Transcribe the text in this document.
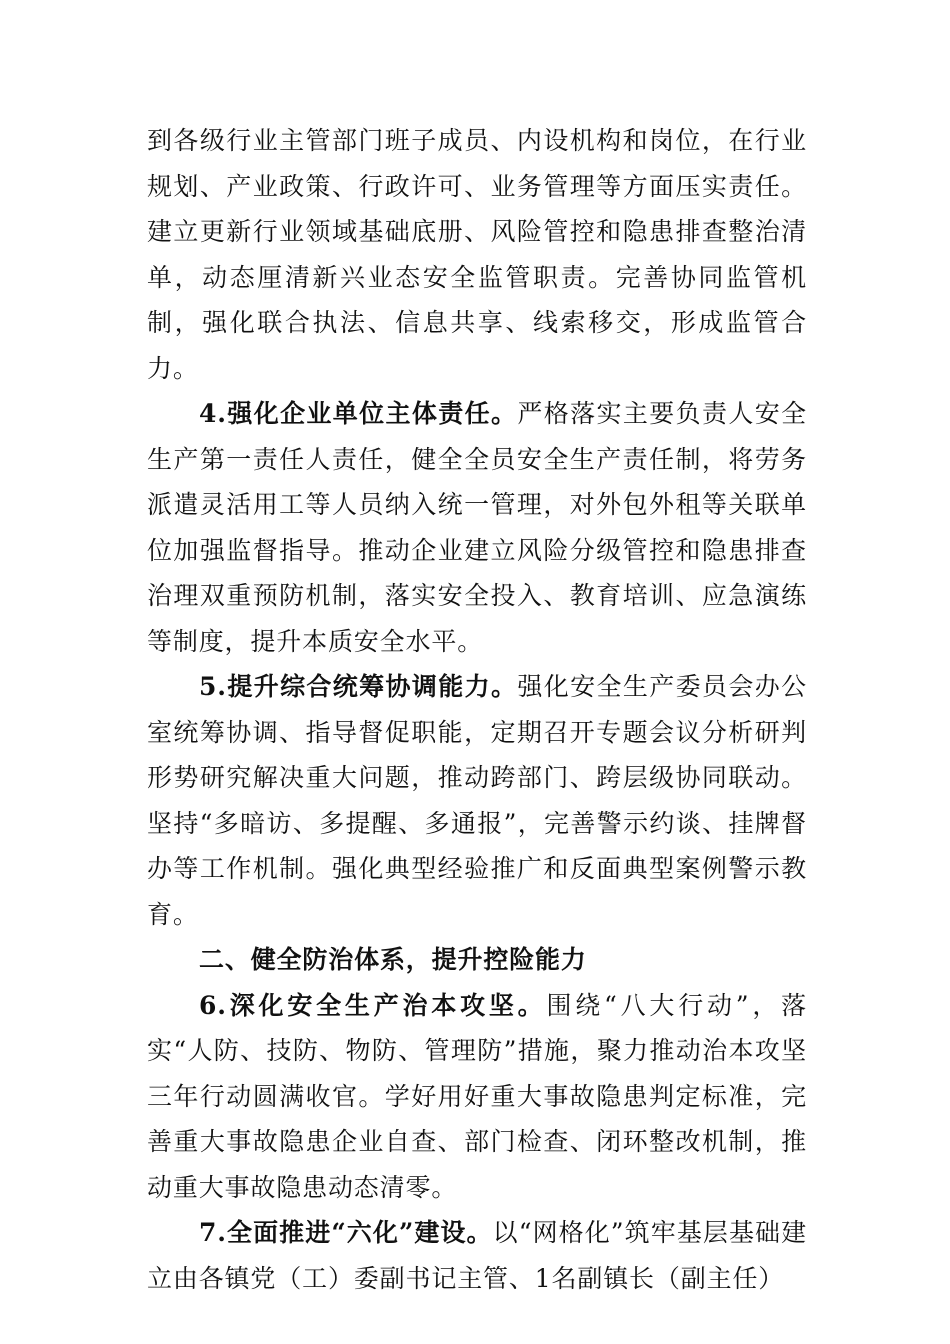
到各级行业主管部门班子成员、内设机构和岗位，在行业规划、产业政策、行政许可、业务管理等方面压实责任。建立更新行业领域基础底册、风险管控和隐患排查整治清单，动态厘清新兴业态安全监管职责。完善协同监管机制，强化联合执法、信息共享、线索移交，形成监管合力。

4.强化企业单位主体责任。严格落实主要负责人安全生产第一责任人责任，健全全员安全生产责任制，将劳务派遣灵活用工等人员纳入统一管理，对外包外租等关联单位加强监督指导。推动企业建立风险分级管控和隐患排查治理双重预防机制，落实安全投入、教育培训、应急演练等制度，提升本质安全水平。

5.提升综合统筹协调能力。强化安全生产委员会办公室统筹协调、指导督促职能，定期召开专题会议分析研判形势研究解决重大问题，推动跨部门、跨层级协同联动。坚持“多暗访、多提醒、多通报”，完善警示约谈、挂牌督办等工作机制。强化典型经验推广和反面典型案例警示教育。

二、健全防治体系，提升控险能力

6.深化安全生产治本攻坚。围绕“八大行动”，落实“人防、技防、物防、管理防”措施，聚力推动治本攻坚三年行动圆满收官。学好用好重大事故隐患判定标准，完善重大事故隐患企业自查、部门检查、闭环整改机制，推动重大事故隐患动态清零。

7.全面推进“六化”建设。以“网格化”筑牢基层基础建立由各镇党（工）委副书记主管、1名副镇长（副主任）
